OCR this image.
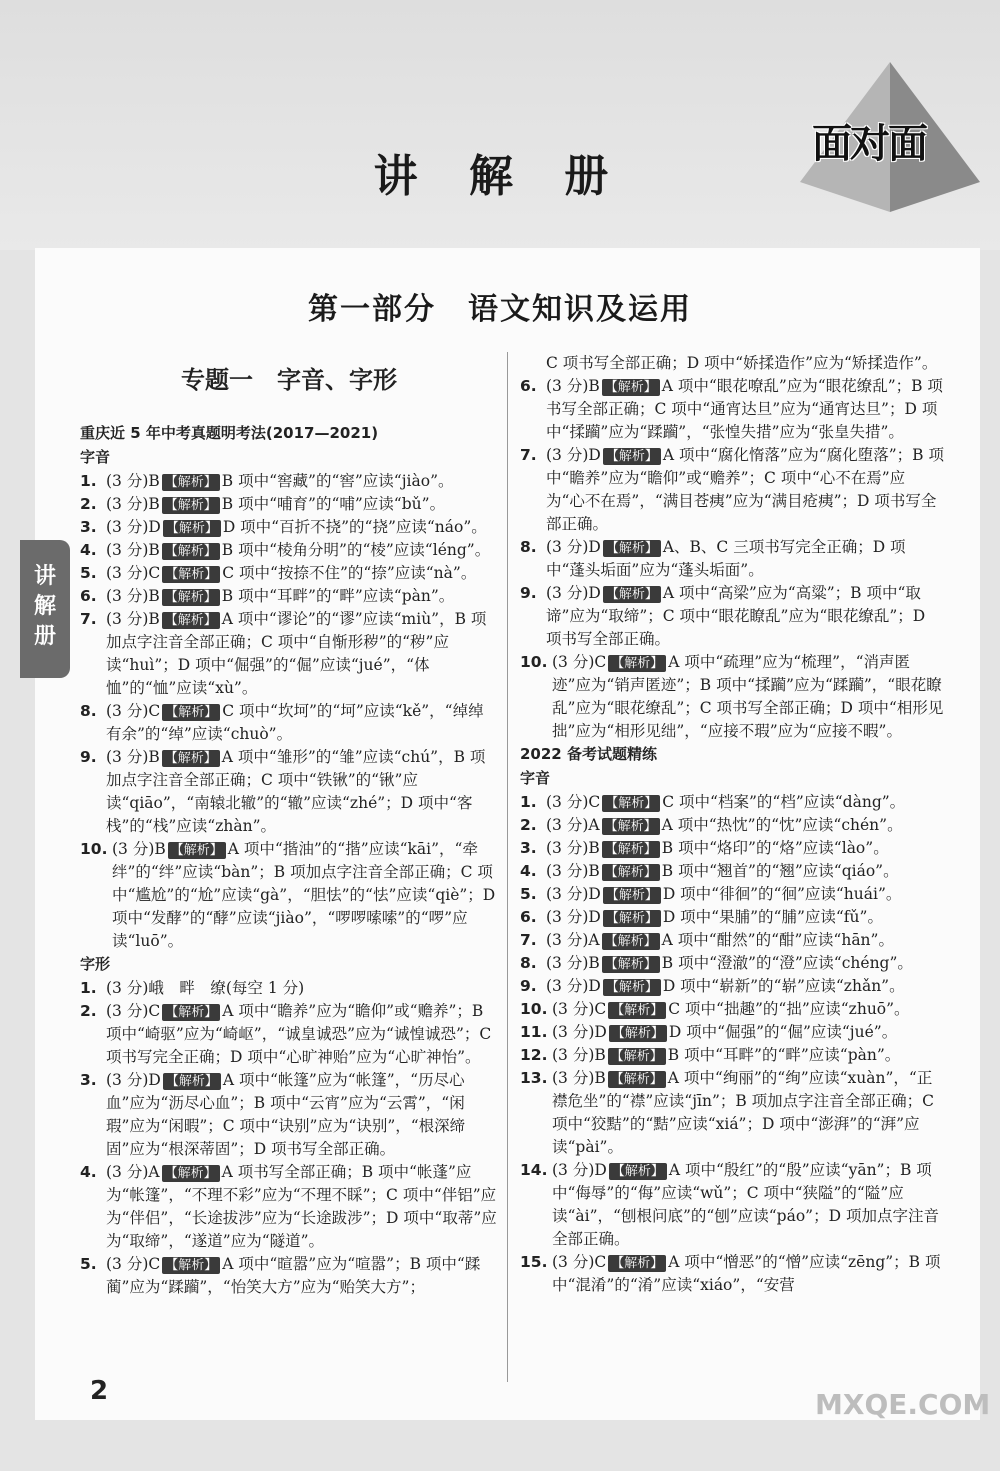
讲 解 册
面对面
第一部分　语文知识及运用
专题一　字音、字形
讲
解
册
重庆近 5 年中考真题明考法(2017—2021)
字音

1. (3 分)B 【解析】 B 项中“窖藏”的“窖”应读“jiào”。

2. (3 分)B 【解析】 B 项中“哺育”的“哺”应读“bǔ”。

3. (3 分)D 【解析】 D 项中“百折不挠”的“挠”应读“náo”。

4. (3 分)B 【解析】 B 项中“棱角分明”的“棱”应读“léng”。

5. (3 分)C 【解析】 C 项中“按捺不住”的“捺”应读“nà”。

6. (3 分)B 【解析】 B 项中“耳畔”的“畔”应读“pàn”。

7. (3 分)B 【解析】 A 项中“谬论”的“谬”应读“miù”，B 项加点字注音全部正确；C 项中“自惭形秽”的“秽”应读“huì”；D 项中“倔强”的“倔”应读“jué”，“体恤”的“恤”应读“xù”。

8. (3 分)C 【解析】 C 项中“坎坷”的“坷”应读“kě”，“绰绰有余”的“绰”应读“chuò”。

9. (3 分)B 【解析】 A 项中“雏形”的“雏”应读“chú”，B 项加点字注音全部正确；C 项中“铁锹”的“锹”应读“qiāo”，“南辕北辙”的“辙”应读“zhé”；D 项中“客栈”的“栈”应读“zhàn”。

10. (3 分)B 【解析】 A 项中“揩油”的“揩”应读“kāi”，“牵绊”的“绊”应读“bàn”；B 项加点字注音全部正确；C 项中“尴尬”的“尬”应读“gà”，“胆怯”的“怯”应读“qiè”；D 项中“发酵”的“酵”应读“jiào”，“啰啰嗦嗦”的“啰”应读“luō”。

字形

1. (3 分)峨　畔　缭(每空 1 分)

2. (3 分)C 【解析】 A 项中“瞻养”应为“瞻仰”或“赡养”；B 项中“崎驱”应为“崎岖”，“诚皇诚恐”应为“诚惶诚恐”；C 项书写完全正确；D 项中“心旷神贻”应为“心旷神怡”。

3. (3 分)D 【解析】 A 项中“帐篷”应为“帐篷”，“历尽心血”应为“沥尽心血”；B 项中“云宵”应为“云霄”，“闲瑕”应为“闲暇”；C 项中“诀别”应为“诀别”，“根深缔固”应为“根深蒂固”；D 项书写全部正确。

4. (3 分)A 【解析】 A 项书写全部正确；B 项中“帐蓬”应为“帐篷”，“不理不彩”应为“不理不睬”；C 项中“伴铝”应为“伴侣”，“长途拔涉”应为“长途跋涉”；D 项中“取蒂”应为“取缔”，“遂道”应为“隧道”。

5. (3 分)C 【解析】 A 项中“暄嚣”应为“喧嚣”；B 项中“蹂蔺”应为“蹂躏”，“怡笑大方”应为“贻笑大方”；

C 项书写全部正确；D 项中“娇揉造作”应为“矫揉造作”。

6. (3 分)B 【解析】 A 项中“眼花嘹乱”应为“眼花缭乱”；B 项书写全部正确；C 项中“通宵达旦”应为“通宵达旦”；D 项中“揉躏”应为“蹂躏”，“张惶失措”应为“张皇失措”。

7. (3 分)D 【解析】 A 项中“腐化惰落”应为“腐化堕落”；B 项中“瞻养”应为“瞻仰”或“赡养”；C 项中“心不在焉”应为“心不在焉”，“满目苍痍”应为“满目疮痍”；D 项书写全部正确。

8. (3 分)D 【解析】 A、B、C 三项书写完全正确；D 项中“蓬头垢面”应为“蓬头垢面”。

9. (3 分)D 【解析】 A 项中“高梁”应为“高粱”；B 项中“取谛”应为“取缔”；C 项中“眼花瞭乱”应为“眼花缭乱”；D 项书写全部正确。

10. (3 分)C 【解析】 A 项中“疏理”应为“梳理”，“消声匿迹”应为“销声匿迹”；B 项中“揉躏”应为“蹂躏”，“眼花瞭乱”应为“眼花缭乱”；C 项书写全部正确；D 项中“相形见拙”应为“相形见绌”，“应接不瑕”应为“应接不暇”。

2022 备考试题精练
字音

1. (3 分)C 【解析】 C 项中“档案”的“档”应读“dàng”。

2. (3 分)A 【解析】 A 项中“热忱”的“忱”应读“chén”。

3. (3 分)B 【解析】 B 项中“烙印”的“烙”应读“lào”。

4. (3 分)B 【解析】 B 项中“翘首”的“翘”应读“qiáo”。

5. (3 分)D 【解析】 D 项中“徘徊”的“徊”应读“huái”。

6. (3 分)D 【解析】 D 项中“果脯”的“脯”应读“fǔ”。

7. (3 分)A 【解析】 A 项中“酣然”的“酣”应读“hān”。

8. (3 分)B 【解析】 B 项中“澄澈”的“澄”应读“chéng”。

9. (3 分)D 【解析】 D 项中“崭新”的“崭”应读“zhǎn”。

10. (3 分)C 【解析】 C 项中“拙趣”的“拙”应读“zhuō”。

11. (3 分)D 【解析】 D 项中“倔强”的“倔”应读“jué”。

12. (3 分)B 【解析】 B 项中“耳畔”的“畔”应读“pàn”。

13. (3 分)B 【解析】 A 项中“绚丽”的“绚”应读“xuàn”，“正襟危坐”的“襟”应读“jīn”；B 项加点字注音全部正确；C 项中“狡黠”的“黠”应读“xiá”；D 项中“澎湃”的“湃”应读“pài”。

14. (3 分)D 【解析】 A 项中“殷红”的“殷”应读“yān”；B 项中“侮辱”的“侮”应读“wǔ”；C 项中“狭隘”的“隘”应读“ài”，“刨根问底”的“刨”应读“páo”；D 项加点字注音全部正确。

15. (3 分)C 【解析】 A 项中“憎恶”的“憎”应读“zēng”；B 项中“混淆”的“淆”应读“xiáo”，“安营

2	MXQE.COM
